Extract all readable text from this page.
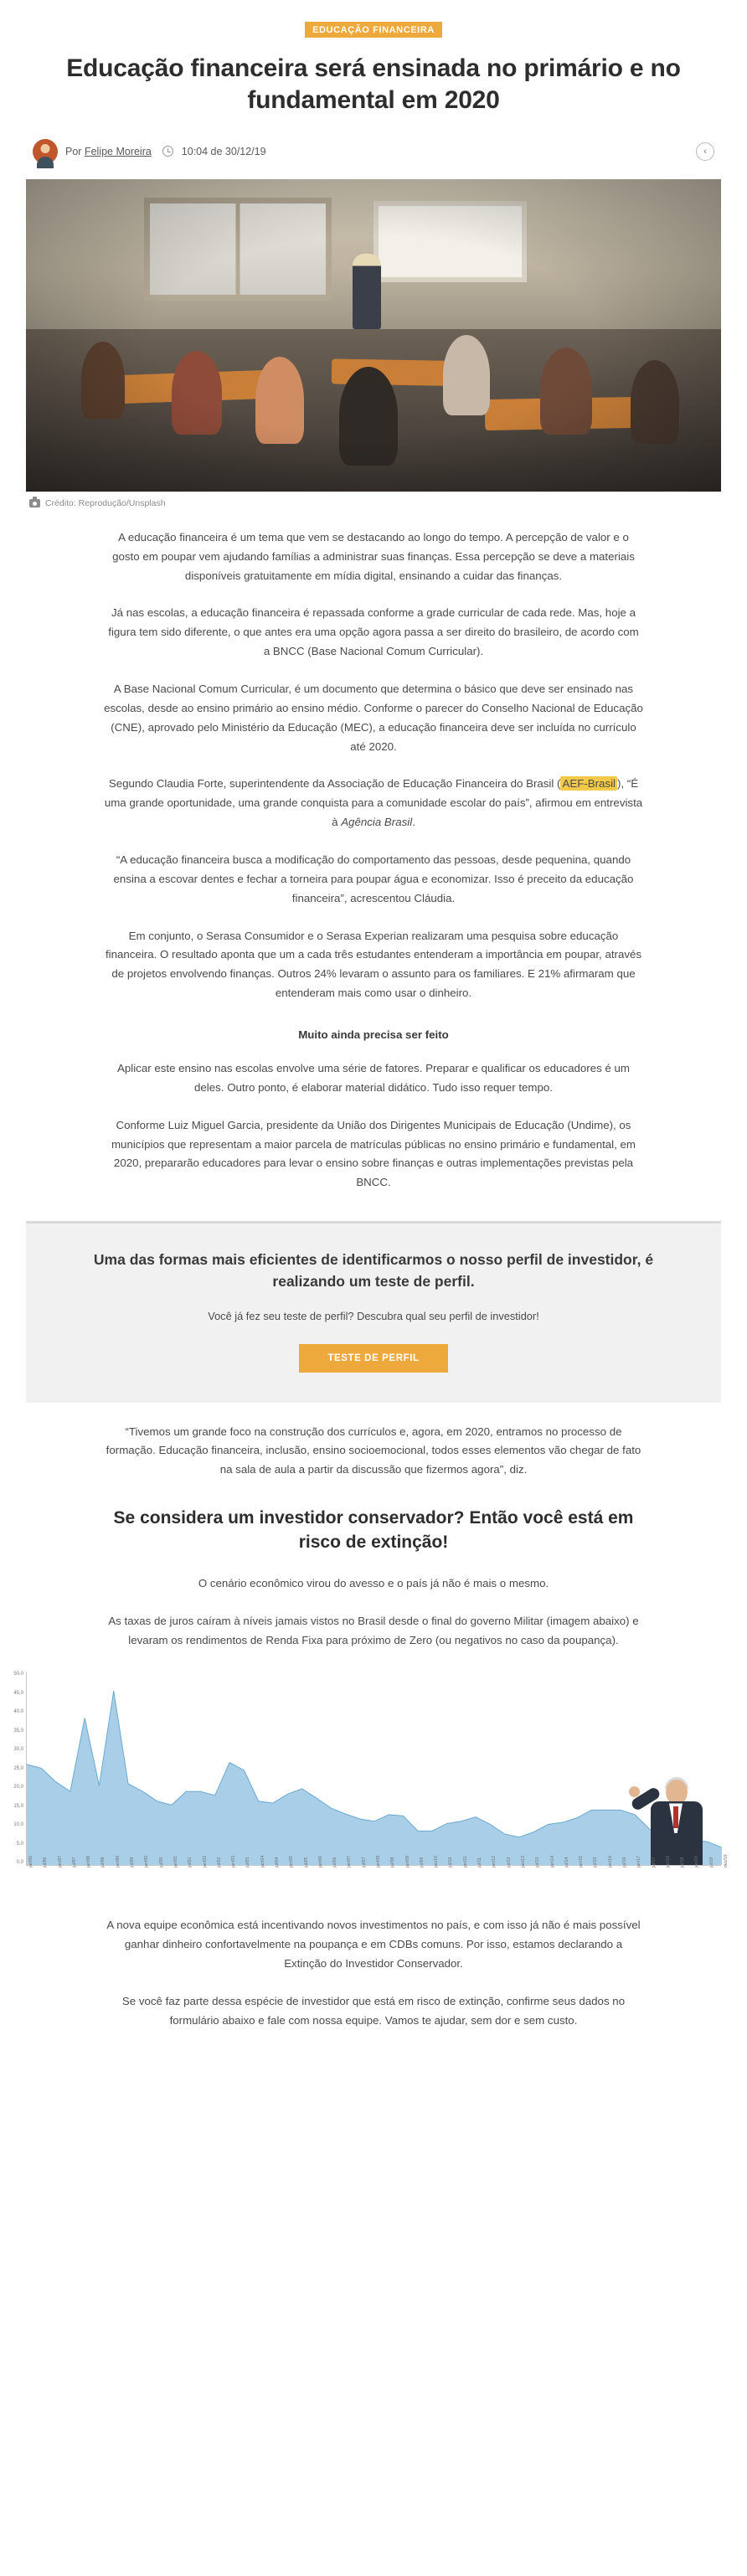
EDUCAÇÃO FINANCEIRA
Educação financeira será ensinada no primário e no fundamental em 2020
Por Felipe Moreira	10:04 de 30/12/19	‹
Crédito: Reprodução/Unsplash

A educação financeira é um tema que vem se destacando ao longo do tempo. A percepção de valor e o gosto em poupar vem ajudando famílias a administrar suas finanças. Essa percepção se deve a materiais disponíveis gratuitamente em mídia digital, ensinando a cuidar das finanças.

Já nas escolas, a educação financeira é repassada conforme a grade curricular de cada rede. Mas, hoje a figura tem sido diferente, o que antes era uma opção agora passa a ser direito do brasileiro, de acordo com a BNCC (Base Nacional Comum Curricular).

A Base Nacional Comum Curricular, é um documento que determina o básico que deve ser ensinado nas escolas, desde ao ensino primário ao ensino médio. Conforme o parecer do Conselho Nacional de Educação (CNE), aprovado pelo Ministério da Educação (MEC), a educação financeira deve ser incluída no currículo até 2020.

Segundo Claudia Forte, superintendente da Associação de Educação Financeira do Brasil ( AEF-Brasil ), “É uma grande oportunidade, uma grande conquista para a comunidade escolar do país”, afirmou em entrevista à Agência Brasil.

“A educação financeira busca a modificação do comportamento das pessoas, desde pequenina, quando ensina a escovar dentes e fechar a torneira para poupar água e economizar. Isso é preceito da educação financeira”, acrescentou Cláudia.

Em conjunto, o Serasa Consumidor e o Serasa Experian realizaram uma pesquisa sobre educação financeira. O resultado aponta que um a cada três estudantes entenderam a importância em poupar, através de projetos envolvendo finanças. Outros 24% levaram o assunto para os familiares. E 21% afirmaram que entenderam mais como usar o dinheiro.

Muito ainda precisa ser feito

Aplicar este ensino nas escolas envolve uma série de fatores. Preparar e qualificar os educadores é um deles. Outro ponto, é elaborar material didático. Tudo isso requer tempo.

Conforme Luiz Miguel Garcia, presidente da União dos Dirigentes Municipais de Educação (Undime), os municípios que representam a maior parcela de matrículas públicas no ensino primário e fundamental, em 2020, prepararão educadores para levar o ensino sobre finanças e outras implementações previstas pela BNCC.

Uma das formas mais eficientes de identificarmos o nosso perfil de investidor, é realizando um teste de perfil.

Você já fez seu teste de perfil? Descubra qual seu perfil de investidor!

TESTE DE PERFIL

“Tivemos um grande foco na construção dos currículos e, agora, em 2020, entramos no processo de formação. Educação financeira, inclusão, ensino socioemocional, todos esses elementos vão chegar de fato na sala de aula a partir da discussão que fizermos agora”, diz.

Se considera um investidor conservador? Então você está em risco de extinção!

O cenário econômico virou do avesso e o país já não é mais o mesmo.

As taxas de juros caíram à níveis jamais vistos no Brasil desde o final do governo Militar (imagem abaixo) e levaram os rendimentos de Renda Fixa para próximo de Zero (ou negativos no caso da poupança).

50,0
45,0
40,0
35,0
30,0
25,0
20,0
15,0
10,0
5,0
0,0 jan/96 jul/96 jan/97 jul/97 jan/98 jul/98 jan/99 jul/99 jan/00 jul/00 jan/01 jul/01 jan/02 jul/02 jan/03 jul/03 jan/04 jul/04 jan/05 jul/05 jan/06 jul/06 jan/07 jul/07 jan/08 jul/08 jan/09 jul/09 jan/10 jul/10 jan/11 jul/11 jan/12 jul/12 jan/13 jul/13 jan/14 jul/14 jan/15 jul/15 jan/16 jul/16 jan/17 jul/17 jan/18 jul/18 jan/19 jul/19 dez/19

A nova equipe econômica está incentivando novos investimentos no país, e com isso já não é mais possível ganhar dinheiro confortavelmente na poupança e em CDBs comuns. Por isso, estamos declarando a Extinção do Investidor Conservador.

Se você faz parte dessa espécie de investidor que está em risco de extinção, confirme seus dados no formulário abaixo e fale com nossa equipe. Vamos te ajudar, sem dor e sem custo.
